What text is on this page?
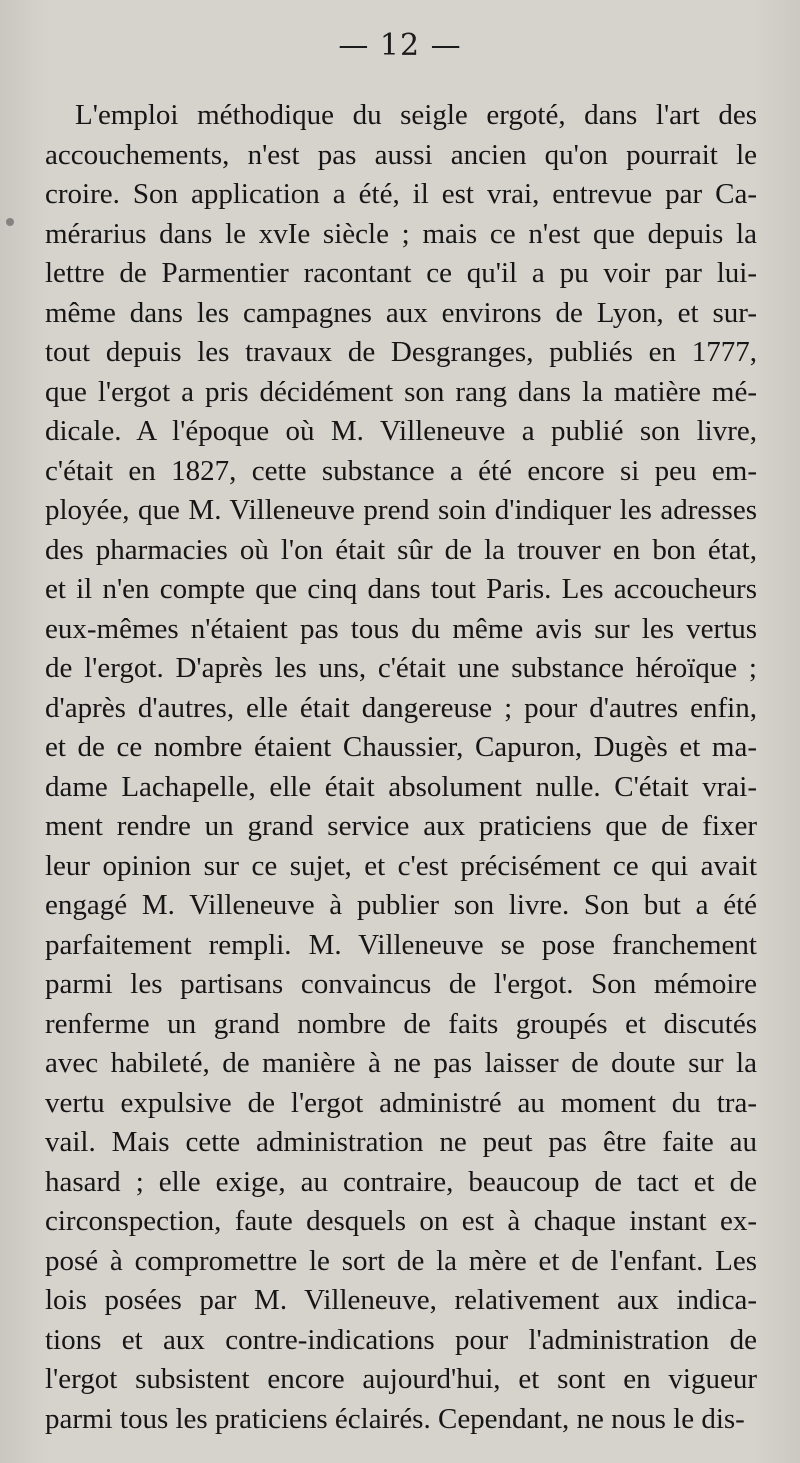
— 12 —
L'emploi méthodique du seigle ergoté, dans l'art des
accouchements, n'est pas aussi ancien qu'on pourrait le
croire. Son application a été, il est vrai, entrevue par Ca-
mérarius dans le xvIe siècle ; mais ce n'est que depuis la
lettre de Parmentier racontant ce qu'il a pu voir par lui-
même dans les campagnes aux environs de Lyon, et sur-
tout depuis les travaux de Desgranges, publiés en 1777,
que l'ergot a pris décidément son rang dans la matière mé-
dicale. A l'époque où M. Villeneuve a publié son livre,
c'était en 1827, cette substance a été encore si peu em-
ployée, que M. Villeneuve prend soin d'indiquer les adresses
des pharmacies où l'on était sûr de la trouver en bon état,
et il n'en compte que cinq dans tout Paris. Les accoucheurs
eux-mêmes n'étaient pas tous du même avis sur les vertus
de l'ergot. D'après les uns, c'était une substance héroïque ;
d'après d'autres, elle était dangereuse ; pour d'autres enfin,
et de ce nombre étaient Chaussier, Capuron, Dugès et ma-
dame Lachapelle, elle était absolument nulle. C'était vrai-
ment rendre un grand service aux praticiens que de fixer
leur opinion sur ce sujet, et c'est précisément ce qui avait
engagé M. Villeneuve à publier son livre. Son but a été
parfaitement rempli. M. Villeneuve se pose franchement
parmi les partisans convaincus de l'ergot. Son mémoire
renferme un grand nombre de faits groupés et discutés
avec habileté, de manière à ne pas laisser de doute sur la
vertu expulsive de l'ergot administré au moment du tra-
vail. Mais cette administration ne peut pas être faite au
hasard ; elle exige, au contraire, beaucoup de tact et de
circonspection, faute desquels on est à chaque instant ex-
posé à compromettre le sort de la mère et de l'enfant. Les
lois posées par M. Villeneuve, relativement aux indica-
tions et aux contre-indications pour l'administration de
l'ergot subsistent encore aujourd'hui, et sont en vigueur
parmi tous les praticiens éclairés. Cependant, ne nous le dis-
